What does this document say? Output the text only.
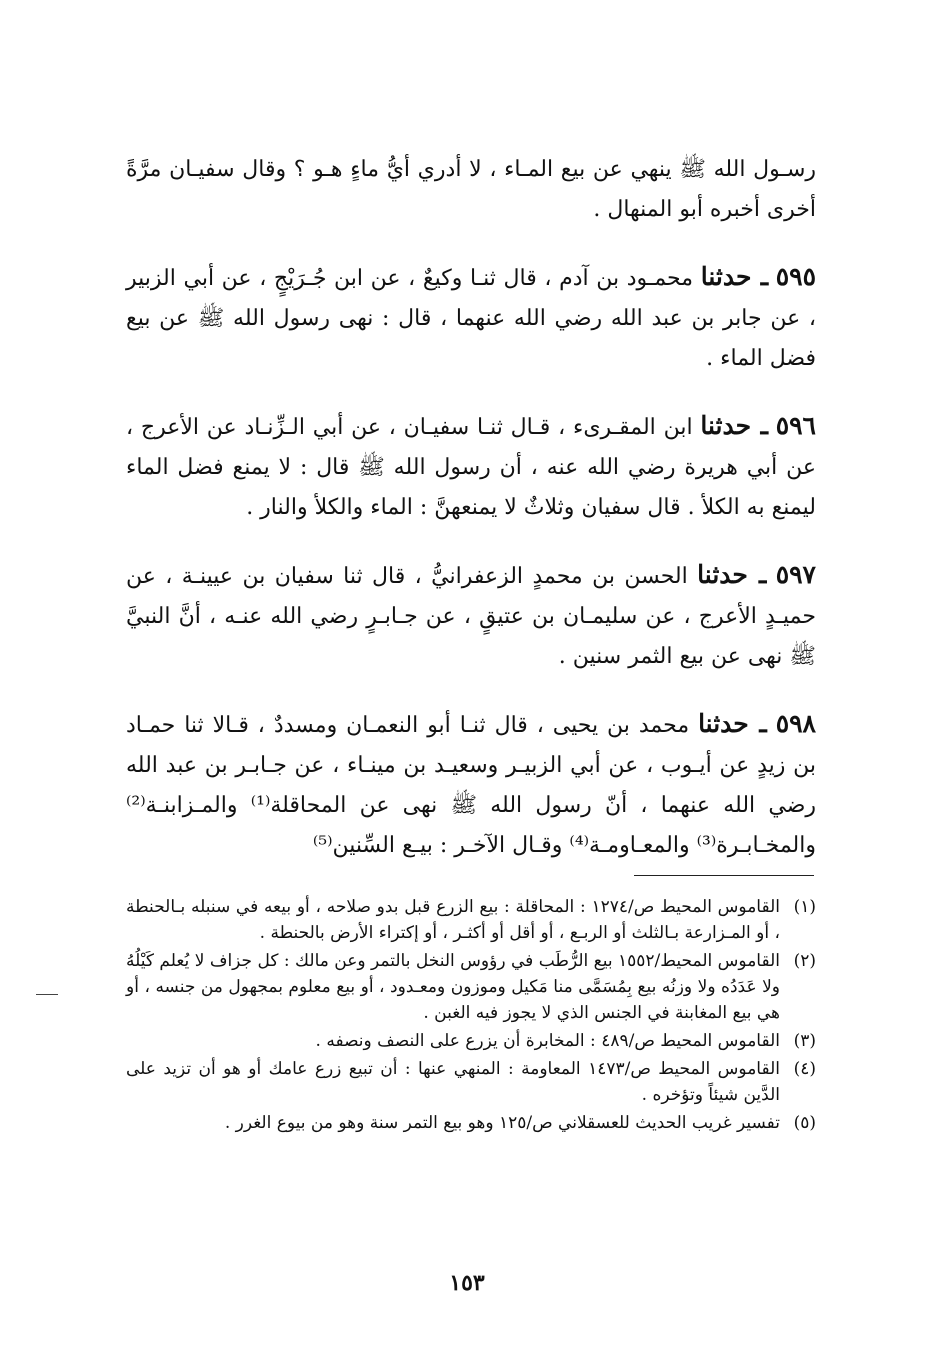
رسـول الله ﷺ ينهي عن بيع المـاء ، لا أدري أيُّ ماءٍ هـو ؟ وقال سفيـان مرَّةً أخرى أخبره أبو المنهال .

٥٩٥ ـ حدثنا محمـود بن آدم ، قال ثنـا وكيعٌ ، عن ابن جُـرَيْجٍ ، عن أبي الزبير ، عن جابر بن عبد الله رضي الله عنهما ، قال : نهى رسول الله ﷺ عن بيع فضل الماء .

٥٩٦ ـ حدثنا ابن المقـرىء ، قـال ثنـا سفيـان ، عن أبي الـزِّنـاد عن الأعرج ، عن أبي هريرة رضي الله عنه ، أن رسول الله ﷺ قال : لا يمنع فضل الماء ليمنع به الكلأ . قال سفيان وثلاثٌ لا يمنعهنَّ : الماء والكلأ والنار .

٥٩٧ ـ حدثنا الحسن بن محمدٍ الزعفرانيُّ ، قال ثنا سفيان بن عيينـة ، عن حميـدٍ الأعرج ، عن سليمـان بن عتيقٍ ، عن جـابـرٍ رضي الله عنـه ، أنَّ النبيَّ ﷺ نهى عن بيع الثمر سنين .

٥٩٨ ـ حدثنا محمد بن يحيى ، قال ثنـا أبو النعمـان ومسددٌ ، قـالا ثنا حمـاد بن زيدٍ عن أيـوب ، عن أبي الزبيـر وسعيـد بن مينـاء ، عن جـابـر بن عبد الله رضي الله عنهما ، أنّ رسول الله ﷺ نهى عن المحاقلة⁽¹⁾ والمـزابنـة⁽²⁾ والمخـابـرة⁽³⁾ والمعـاومـة⁽⁴⁾ وقـال الآخـر : بيـع السِّنين⁽⁵⁾

(١)
القاموس المحيط ص/١٢٧٤ : المحاقلة : بيع الزرع قبل بدو صلاحه ، أو بيعه في سنبله بـالحنطة ، أو المـزارعة بـالثلث أو الربـع ، أو أقل أو أكثـر ، أو إكتراء الأرض بالحنطة .
(٢)
القاموس المحيط/١٥٥٢ بيع الرُّطَب في رؤوس النخل بالتمر وعن مالك : كل جزاف لا يُعلم كَيْلُهُ ولا عَدَدُه ولا وزنُه بيع بِمُسَمَّى منا مَكيل وموزون ومعـدود ، أو بيع معلوم بمجهول من جنسه ، أو هي بيع المغابنة في الجنس الذي لا يجوز فيه الغبن .
(٣)
القاموس المحيط ص/٤٨٩ : المخابرة أن يزرع على النصف ونصفه .
(٤)
القاموس المحيط ص/١٤٧٣ المعاومة : المنهي عنها : أن تبيع زرع عامك أو هو أن تزيد على الدَّين شيئاً وتؤخره .
(٥)
تفسير غريب الحديث للعسقلاني ص/١٢٥ وهو بيع التمر سنة وهو من بيوع الغرر .
١٥٣
